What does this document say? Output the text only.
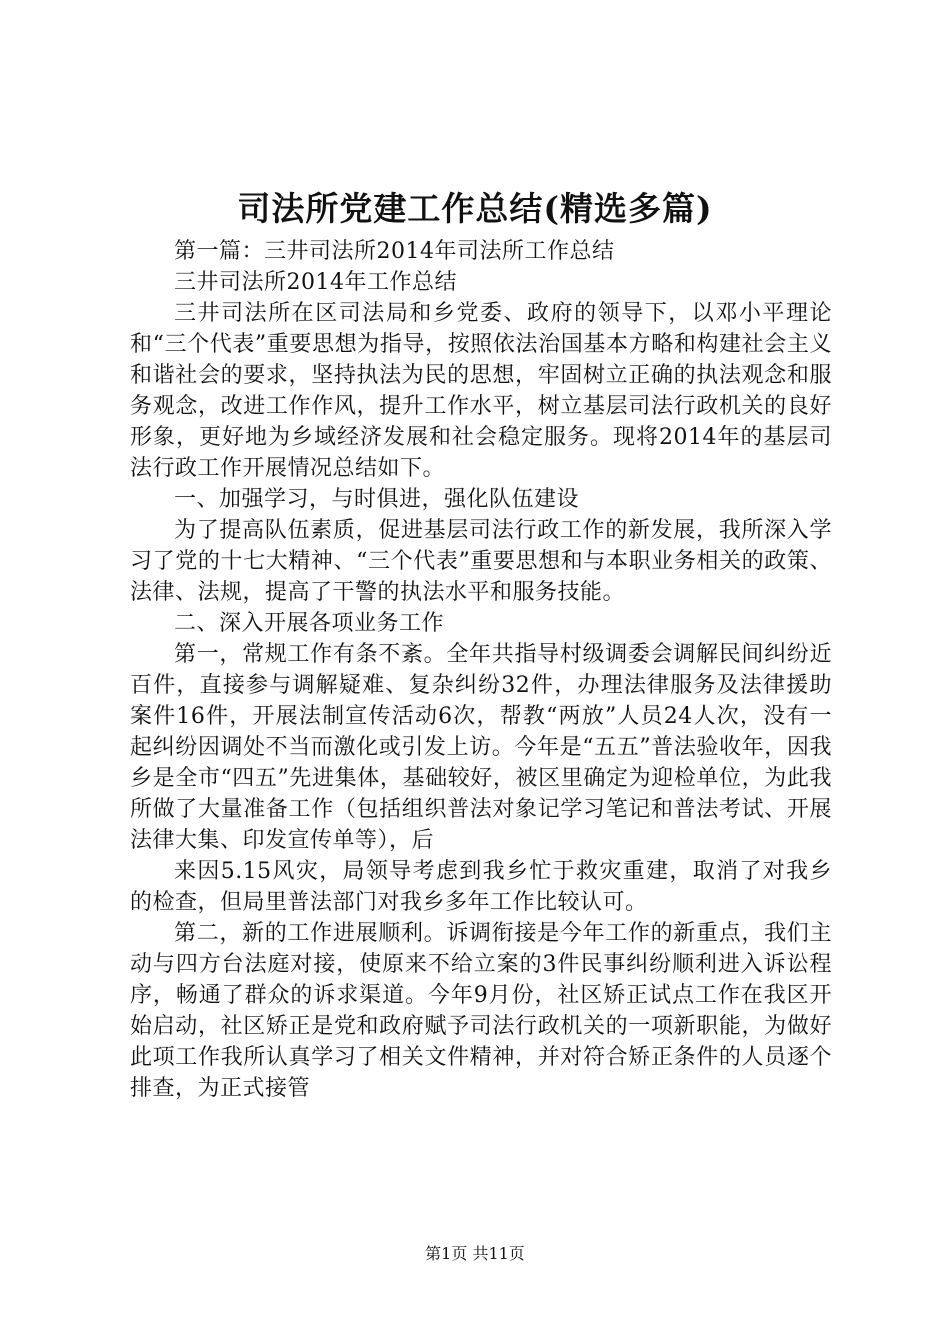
司法所党建工作总结(精选多篇)

第一篇：三井司法所2014年司法所工作总结

三井司法所2014年工作总结

三井司法所在区司法局和乡党委、政府的领导下，以邓小平理论和“三个代表”重要思想为指导，按照依法治国基本方略和构建社会主义和谐社会的要求，坚持执法为民的思想，牢固树立正确的执法观念和服务观念，改进工作作风，提升工作水平，树立基层司法行政机关的良好形象，更好地为乡域经济发展和社会稳定服务。现将2014年的基层司法行政工作开展情况总结如下。

一、加强学习，与时俱进，强化队伍建设

为了提高队伍素质，促进基层司法行政工作的新发展，我所深入学习了党的十七大精神、“三个代表”重要思想和与本职业务相关的政策、法律、法规，提高了干警的执法水平和服务技能。

二、深入开展各项业务工作

第一，常规工作有条不紊。全年共指导村级调委会调解民间纠纷近百件，直接参与调解疑难、复杂纠纷32件，办理法律服务及法律援助案件16件，开展法制宣传活动6次，帮教“两放”人员24人次，没有一起纠纷因调处不当而激化或引发上访。今年是“五五”普法验收年，因我乡是全市“四五”先进集体，基础较好，被区里确定为迎检单位，为此我所做了大量准备工作（包括组织普法对象记学习笔记和普法考试、开展法律大集、印发宣传单等），后

来因5.15风灾，局领导考虑到我乡忙于救灾重建，取消了对我乡的检查，但局里普法部门对我乡多年工作比较认可。

第二，新的工作进展顺利。诉调衔接是今年工作的新重点，我们主动与四方台法庭对接，使原来不给立案的3件民事纠纷顺利进入诉讼程序，畅通了群众的诉求渠道。今年9月份，社区矫正试点工作在我区开始启动，社区矫正是党和政府赋予司法行政机关的一项新职能，为做好此项工作我所认真学习了相关文件精神，并对符合矫正条件的人员逐个排查，为正式接管

第1页 共11页
